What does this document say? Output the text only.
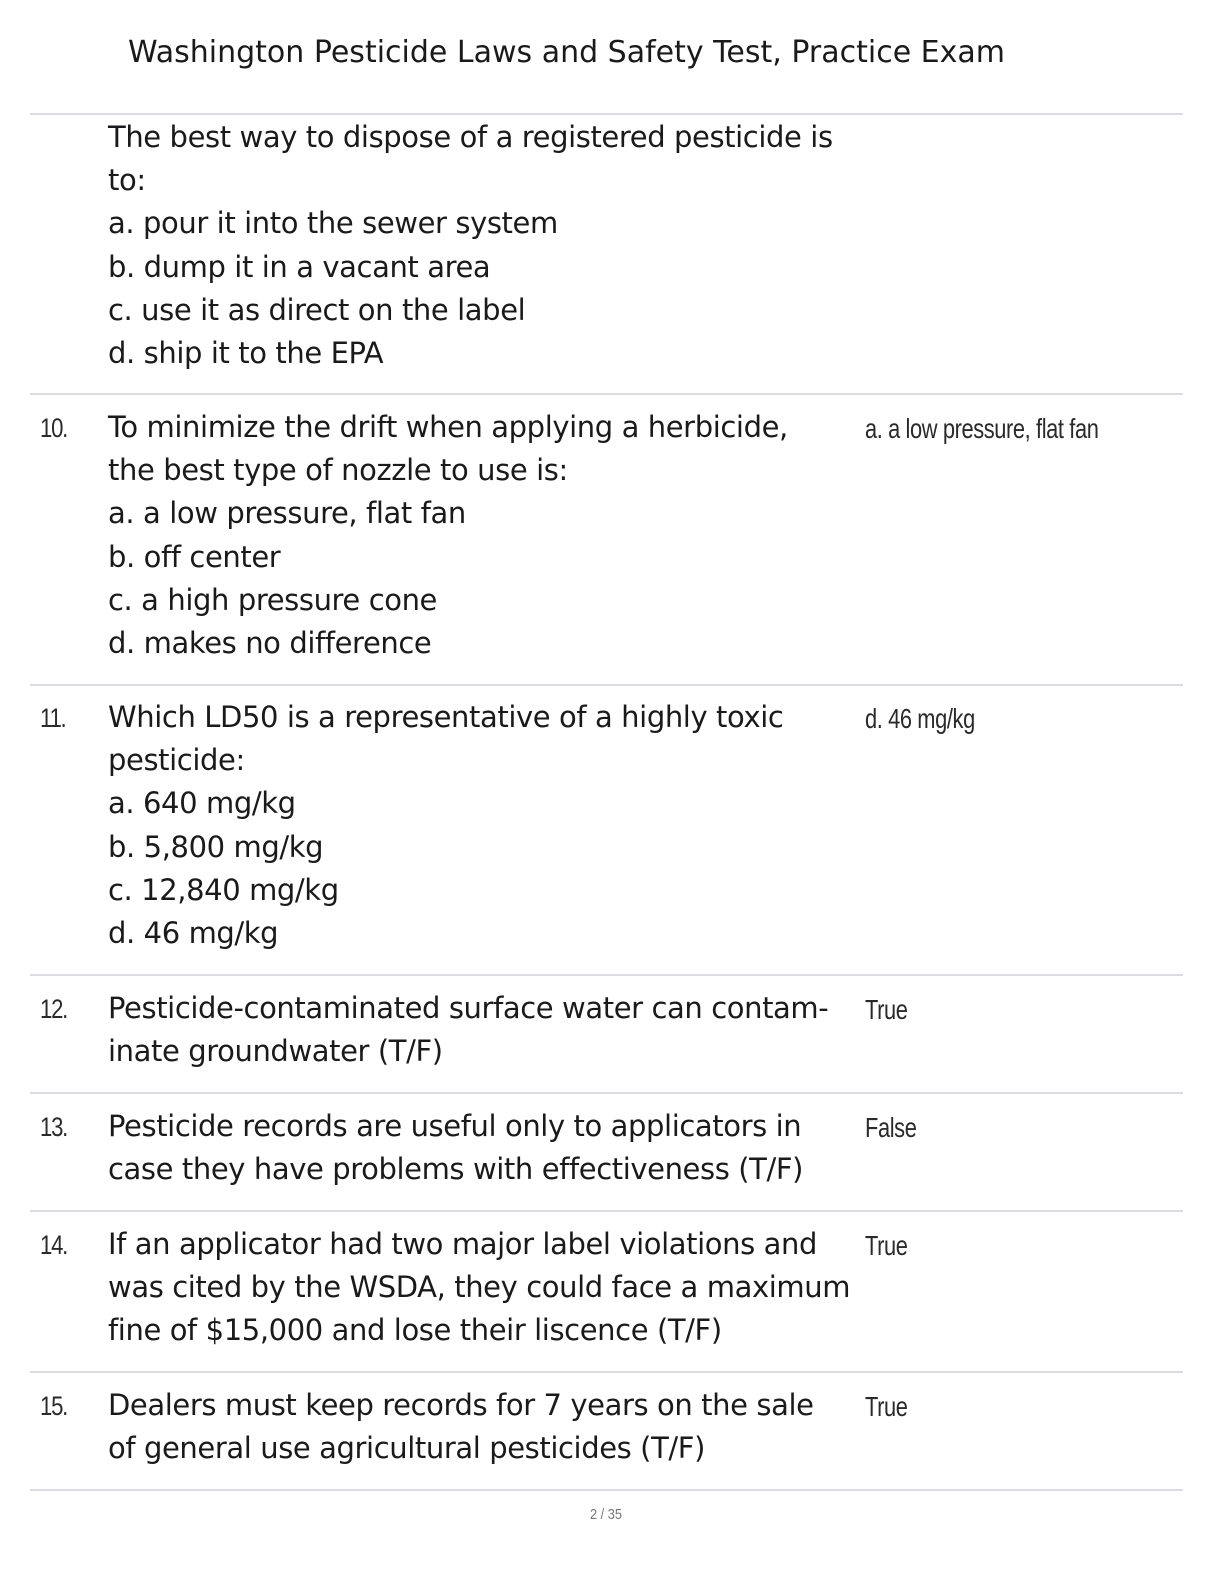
Washington Pesticide Laws and Safety Test, Practice Exam
The best way to dispose of a registered pesticide is
to:
a. pour it into the sewer system
b. dump it in a vacant area
c. use it as direct on the label
d. ship it to the EPA
10. To minimize the drift when applying a herbicide,
the best type of nozzle to use is:
a. a low pressure, flat fan
b. off center
c. a high pressure cone
d. makes no difference
a. a low pressure, flat fan
11. Which LD50 is a representative of a highly toxic
pesticide:
a. 640 mg/kg
b. 5,800 mg/kg
c. 12,840 mg/kg
d. 46 mg/kg
d. 46 mg/kg
12. Pesticide-contaminated surface water can contam-
inate groundwater (T/F)
True
13. Pesticide records are useful only to applicators in
case they have problems with effectiveness (T/F)
False
14. If an applicator had two major label violations and
was cited by the WSDA, they could face a maximum
fine of $15,000 and lose their liscence (T/F)
True
15. Dealers must keep records for 7 years on the sale
of general use agricultural pesticides (T/F)
True
2 / 35
